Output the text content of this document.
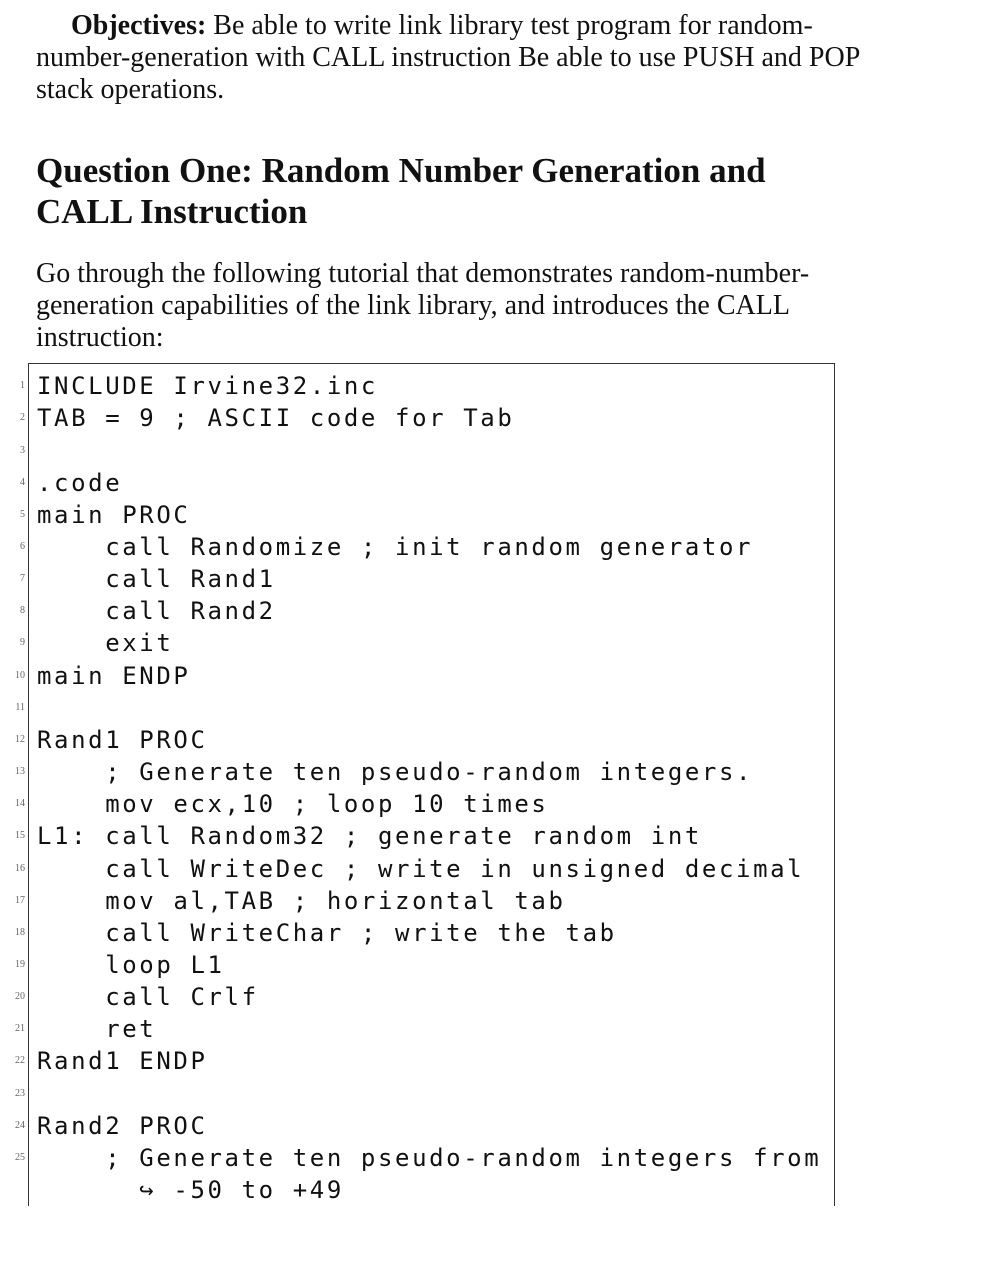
Objectives: Be able to write link library test program for random-number-generation with CALL instruction Be able to use PUSH and POP stack operations.

Question One: Random Number Generation and CALL Instruction

Go through the following tutorial that demonstrates random-number-generation capabilities of the link library, and introduces the CALL instruction:

1 INCLUDE Irvine32.inc
2 TAB = 9 ; ASCII code for Tab
3
4 .code
5 main PROC
6 call Randomize ; init random generator
7 call Rand1
8 call Rand2
9 exit
10 main ENDP
11
12 Rand1 PROC
13 ; Generate ten pseudo-random integers.
14 mov ecx,10 ; loop 10 times
15 L1: call Random32 ; generate random int
16 call WriteDec ; write in unsigned decimal
17 mov al,TAB ; horizontal tab
18 call WriteChar ; write the tab
19 loop L1
20 call Crlf
21 ret
22 Rand1 ENDP
23
24 Rand2 PROC
25 ; Generate ten pseudo-random integers from
↪ -50 to +49
